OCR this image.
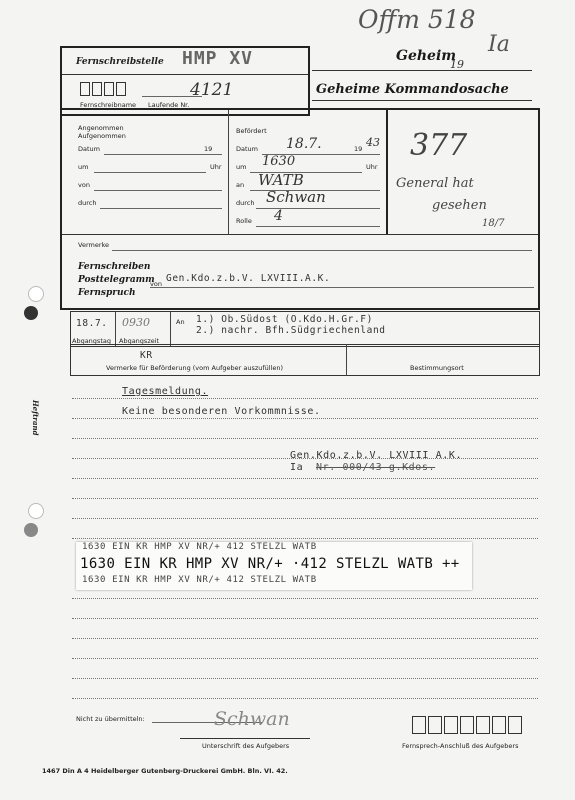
Offm 518
Ia
Heftrand
Fernschreibstelle HMP XV
4121
Fernschreibname Laufende Nr.
Geheim
19
Geheime Kommandosache
Angenommen
Aufgenommen
Datum	19
um	Uhr
von
durch
Befördert
Datum 18.7.	19 43
um 1630	Uhr
an WATB
durch Schwan
Rolle 4
377
General hat
gesehen
18/7
Vermerke
Fernschreiben
Posttelegramm
Fernspruch
von Gen.Kdo.z.b.V. LXVIII.A.K.
18.7. 0930
Abgangstag Abgangszeit
An 1.) Ob.Südost (O.Kdo.H.Gr.F)
2.) nachr. Bfh.Südgriechenland
KR
Vermerke für Beförderung (vom Aufgeber auszufüllen)	Bestimmungsort
Tagesmeldung.
Keine besonderen Vorkommnisse.
Gen.Kdo.z.b.V. LXVIII A.K.
Ia Nr. 000/43 g.Kdos.
1630 EIN KR HMP XV NR/+ 412 STELZL WATB
1630 EIN KR HMP XV NR/+ ·412 STELZL WATB ++
1630 EIN KR HMP XV NR/+ 412 STELZL WATB
Nicht zu übermitteln:	Schwan
Unterschrift des Aufgebers	Fernsprech-Anschluß des Aufgebers
1467 Din A 4 Heidelberger Gutenberg-Druckerei GmbH. Bln. VI. 42.
